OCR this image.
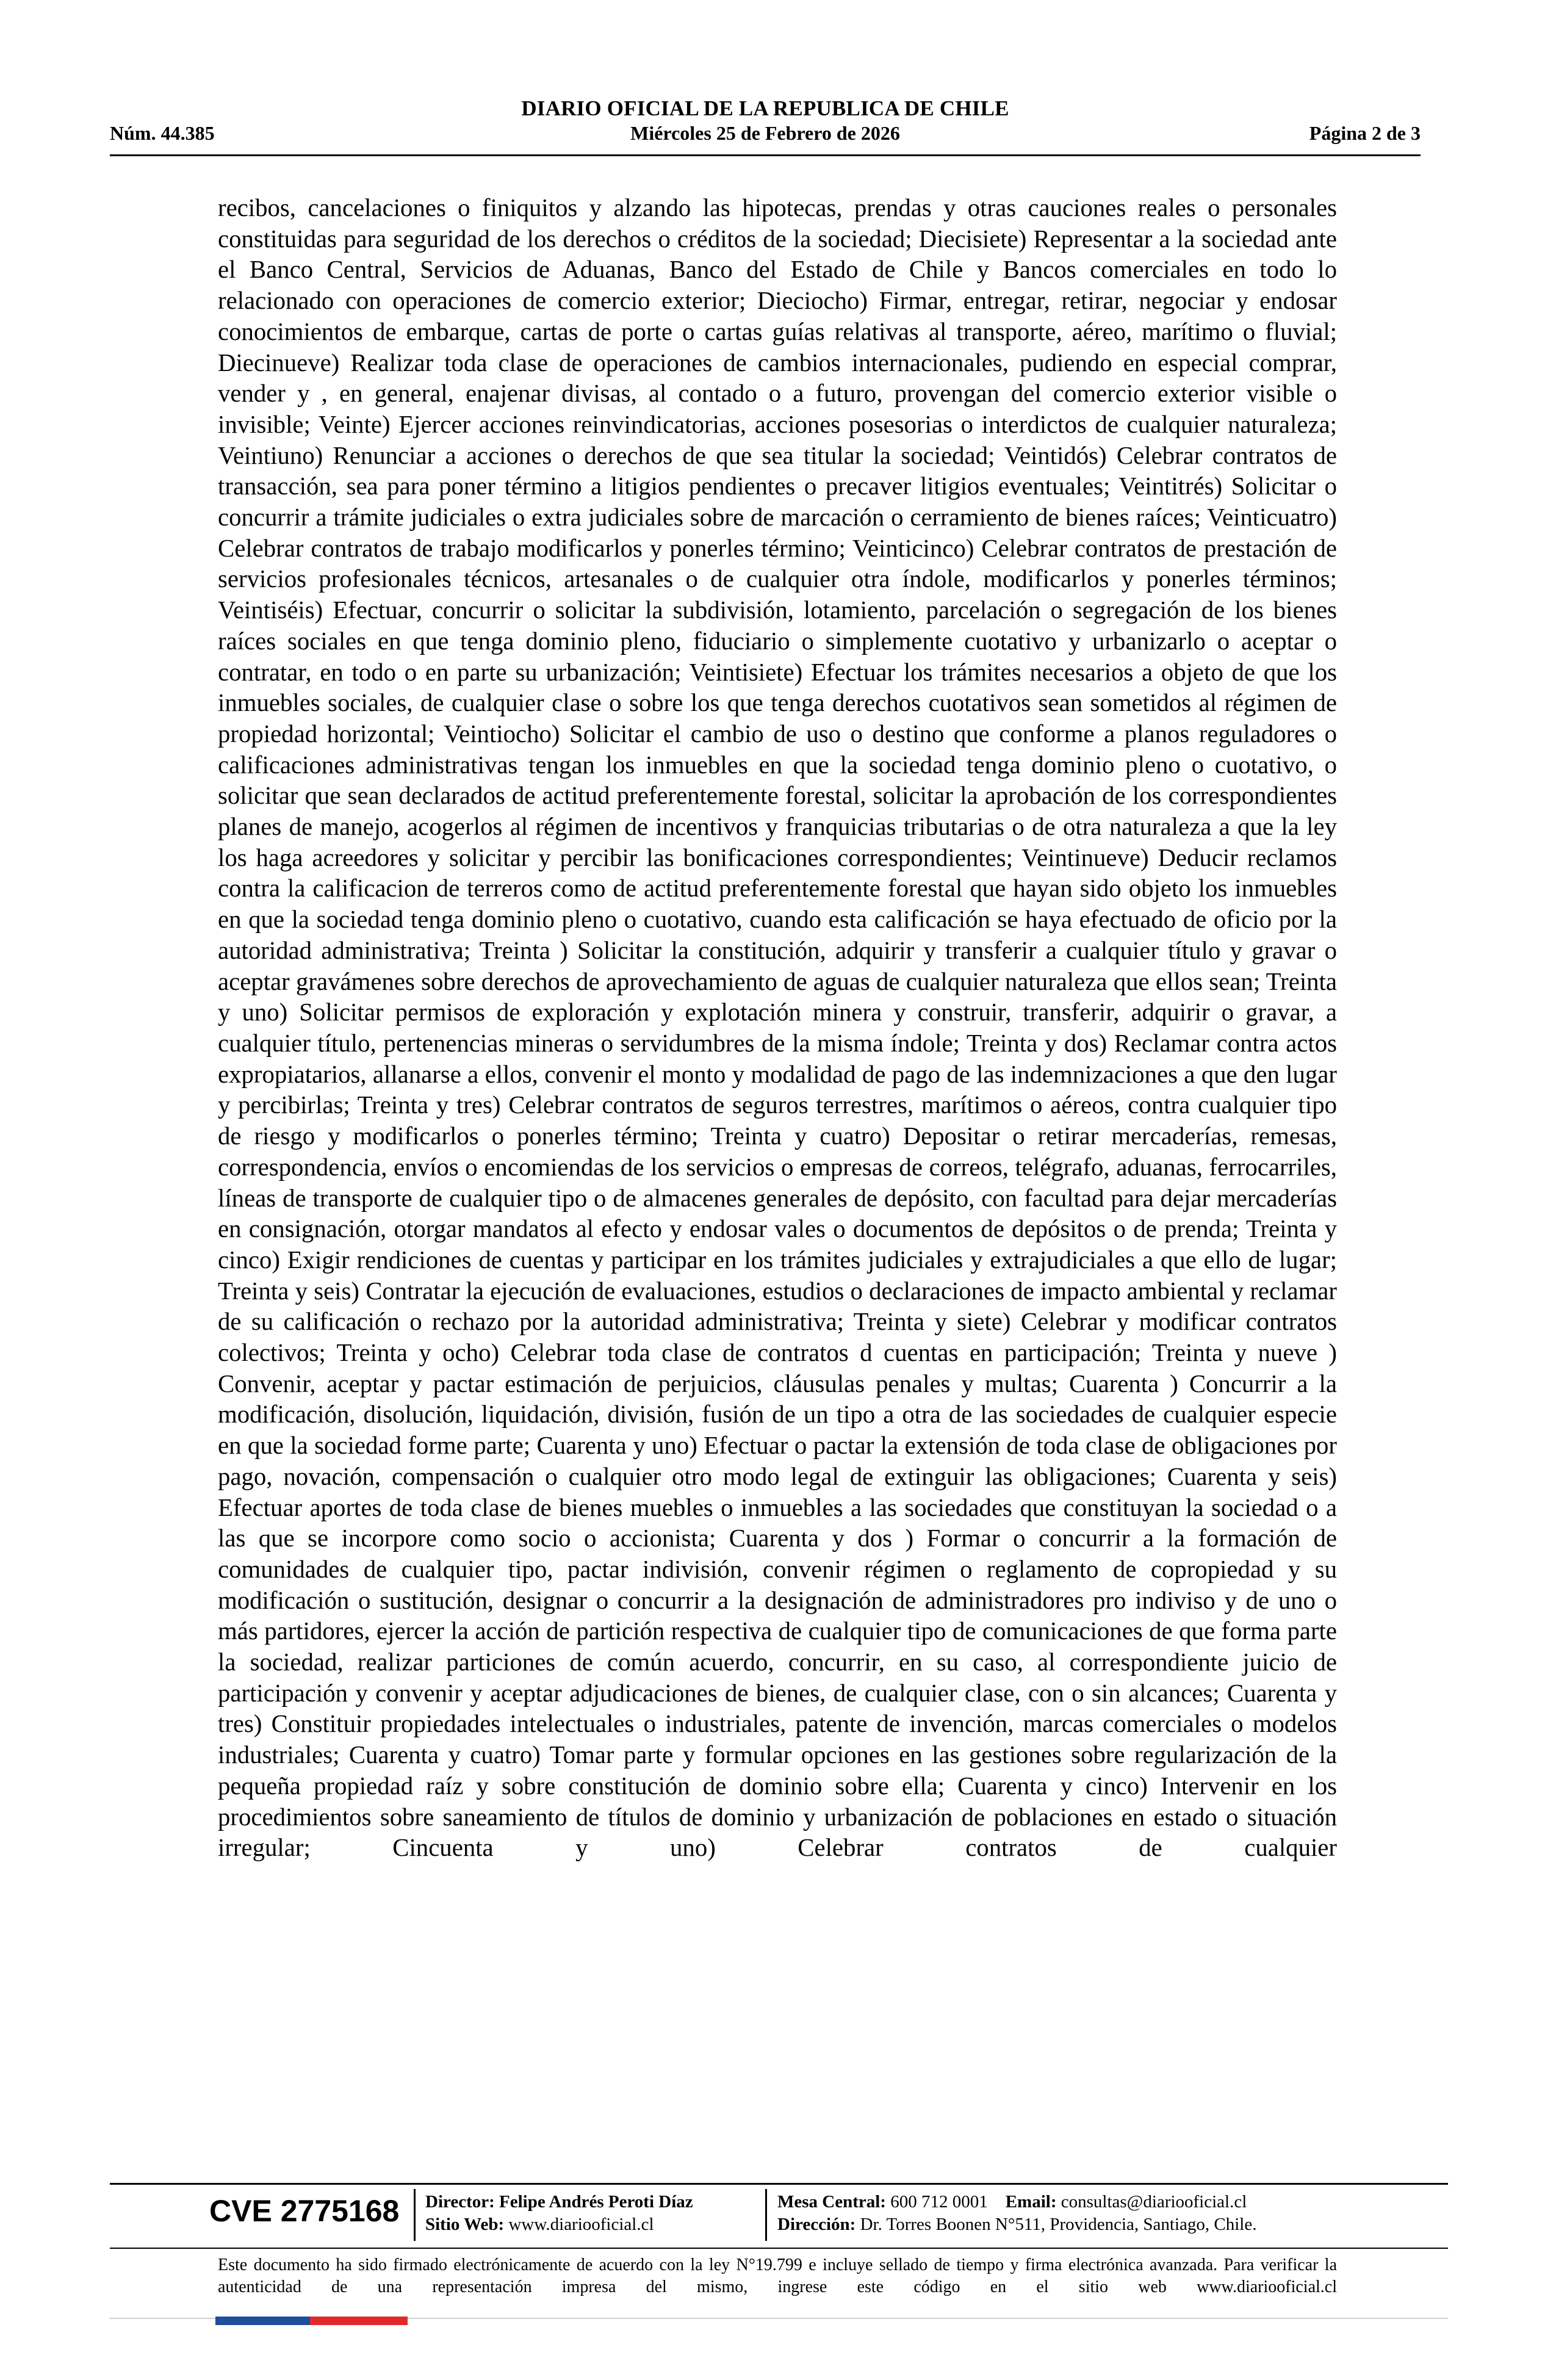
DIARIO OFICIAL DE LA REPUBLICA DE CHILE
Núm. 44.385	Miércoles 25 de Febrero de 2026	Página 2 de 3

recibos, cancelaciones o finiquitos y alzando las hipotecas, prendas y otras cauciones reales o personales constituidas para seguridad de los derechos o créditos de la sociedad; Diecisiete) Representar a la sociedad ante el Banco Central, Servicios de Aduanas, Banco del Estado de Chile y Bancos comerciales en todo lo relacionado con operaciones de comercio exterior; Dieciocho) Firmar, entregar, retirar, negociar y endosar conocimientos de embarque, cartas de porte o cartas guías relativas al transporte, aéreo, marítimo o fluvial; Diecinueve) Realizar toda clase de operaciones de cambios internacionales, pudiendo en especial comprar, vender y , en general, enajenar divisas, al contado o a futuro, provengan del comercio exterior visible o invisible; Veinte) Ejercer acciones reinvindicatorias, acciones posesorias o interdictos de cualquier naturaleza; Veintiuno) Renunciar a acciones o derechos de que sea titular la sociedad; Veintidós) Celebrar contratos de transacción, sea para poner término a litigios pendientes o precaver litigios eventuales; Veintitrés) Solicitar o concurrir a trámite judiciales o extra judiciales sobre de marcación o cerramiento de bienes raíces; Veinticuatro) Celebrar contratos de trabajo modificarlos y ponerles término; Veinticinco) Celebrar contratos de prestación de servicios profesionales técnicos, artesanales o de cualquier otra índole, modificarlos y ponerles términos; Veintiséis) Efectuar, concurrir o solicitar la subdivisión, lotamiento, parcelación o segregación de los bienes raíces sociales en que tenga dominio pleno, fiduciario o simplemente cuotativo y urbanizarlo o aceptar o contratar, en todo o en parte su urbanización; Veintisiete) Efectuar los trámites necesarios a objeto de que los inmuebles sociales, de cualquier clase o sobre los que tenga derechos cuotativos sean sometidos al régimen de propiedad horizontal; Veintiocho) Solicitar el cambio de uso o destino que conforme a planos reguladores o calificaciones administrativas tengan los inmuebles en que la sociedad tenga dominio pleno o cuotativo, o solicitar que sean declarados de actitud preferentemente forestal, solicitar la aprobación de los correspondientes planes de manejo, acogerlos al régimen de incentivos y franquicias tributarias o de otra naturaleza a que la ley los haga acreedores y solicitar y percibir las bonificaciones correspondientes; Veintinueve) Deducir reclamos contra la calificacion de terreros como de actitud preferentemente forestal que hayan sido objeto los inmuebles en que la sociedad tenga dominio pleno o cuotativo, cuando esta calificación se haya efectuado de oficio por la autoridad administrativa; Treinta ) Solicitar la constitución, adquirir y transferir a cualquier título y gravar o aceptar gravámenes sobre derechos de aprovechamiento de aguas de cualquier naturaleza que ellos sean; Treinta y uno) Solicitar permisos de exploración y explotación minera y construir, transferir, adquirir o gravar, a cualquier título, pertenencias mineras o servidumbres de la misma índole; Treinta y dos) Reclamar contra actos expropiatarios, allanarse a ellos, convenir el monto y modalidad de pago de las indemnizaciones a que den lugar y percibirlas; Treinta y tres) Celebrar contratos de seguros terrestres, marítimos o aéreos, contra cualquier tipo de riesgo y modificarlos o ponerles término; Treinta y cuatro) Depositar o retirar mercaderías, remesas, correspondencia, envíos o encomiendas de los servicios o empresas de correos, telégrafo, aduanas, ferrocarriles, líneas de transporte de cualquier tipo o de almacenes generales de depósito, con facultad para dejar mercaderías en consignación, otorgar mandatos al efecto y endosar vales o documentos de depósitos o de prenda; Treinta y cinco) Exigir rendiciones de cuentas y participar en los trámites judiciales y extrajudiciales a que ello de lugar; Treinta y seis) Contratar la ejecución de evaluaciones, estudios o declaraciones de impacto ambiental y reclamar de su calificación o rechazo por la autoridad administrativa; Treinta y siete) Celebrar y modificar contratos colectivos; Treinta y ocho) Celebrar toda clase de contratos d cuentas en participación; Treinta y nueve ) Convenir, aceptar y pactar estimación de perjuicios, cláusulas penales y multas; Cuarenta ) Concurrir a la modificación, disolución, liquidación, división, fusión de un tipo a otra de las sociedades de cualquier especie en que la sociedad forme parte; Cuarenta y uno) Efectuar o pactar la extensión de toda clase de obligaciones por pago, novación, compensación o cualquier otro modo legal de extinguir las obligaciones; Cuarenta y seis) Efectuar aportes de toda clase de bienes muebles o inmuebles a las sociedades que constituyan la sociedad o a las que se incorpore como socio o accionista; Cuarenta y dos ) Formar o concurrir a la formación de comunidades de cualquier tipo, pactar indivisión, convenir régimen o reglamento de copropiedad y su modificación o sustitución, designar o concurrir a la designación de administradores pro indiviso y de uno o más partidores, ejercer la acción de partición respectiva de cualquier tipo de comunicaciones de que forma parte la sociedad, realizar particiones de común acuerdo, concurrir, en su caso, al correspondiente juicio de participación y convenir y aceptar adjudicaciones de bienes, de cualquier clase, con o sin alcances; Cuarenta y tres) Constituir propiedades intelectuales o industriales, patente de invención, marcas comerciales o modelos industriales; Cuarenta y cuatro) Tomar parte y formular opciones en las gestiones sobre regularización de la pequeña propiedad raíz y sobre constitución de dominio sobre ella; Cuarenta y cinco) Intervenir en los procedimientos sobre saneamiento de títulos de dominio y urbanización de poblaciones en estado o situación irregular; Cincuenta y uno) Celebrar contratos de cualquier

CVE 2775168 Director: Felipe Andrés Peroti Díaz
Sitio Web: www.diariooficial.cl
Mesa Central: 600 712 0001 Email: consultas@diariooficial.cl
Dirección: Dr. Torres Boonen N°511, Providencia, Santiago, Chile.

Este documento ha sido firmado electrónicamente de acuerdo con la ley N°19.799 e incluye sellado de tiempo y firma electrónica avanzada. Para verificar la autenticidad de una representación impresa del mismo, ingrese este código en el sitio web www.diariooficial.cl
